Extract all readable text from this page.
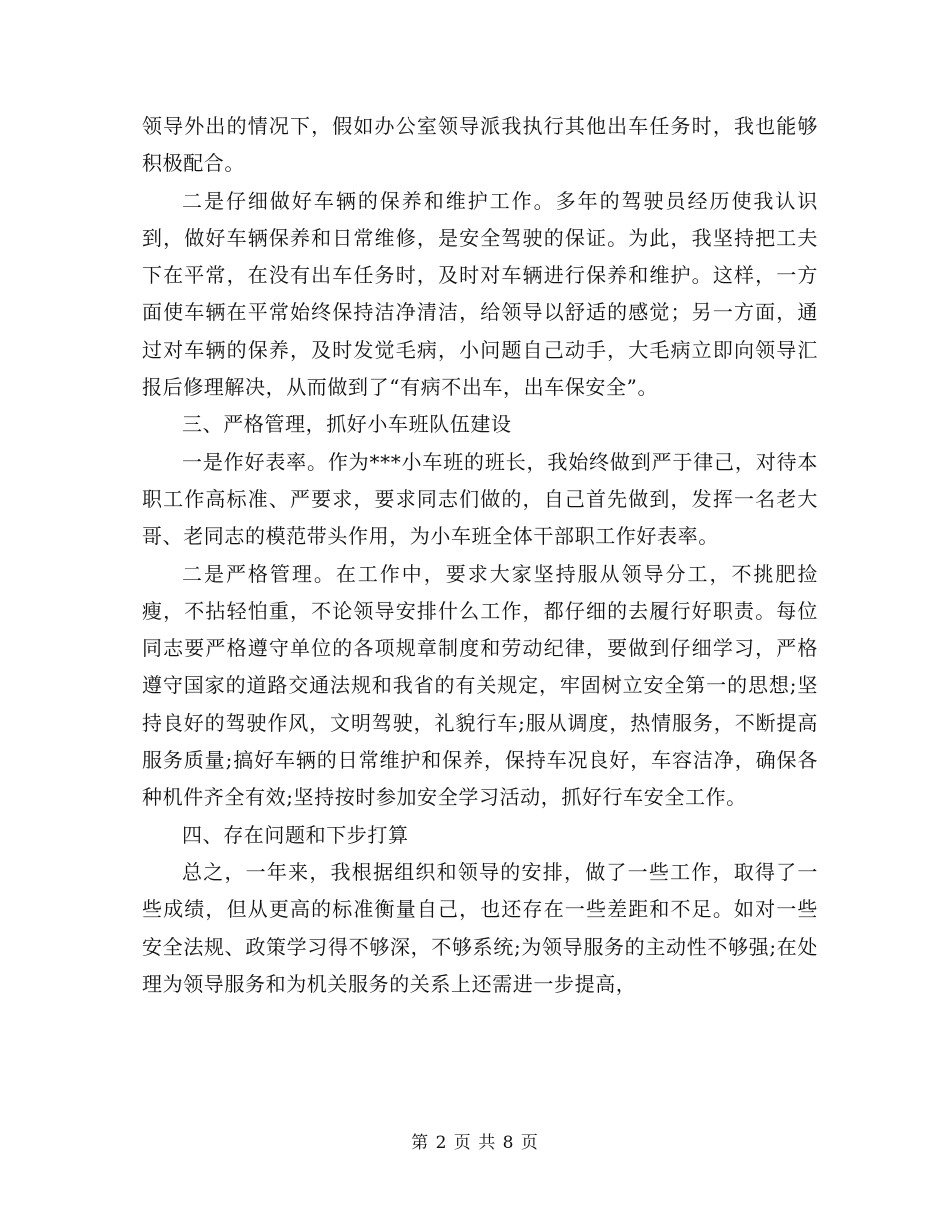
领导外出的情况下，假如办公室领导派我执行其他出车任务时，我也能够积极配合。

二是仔细做好车辆的保养和维护工作。多年的驾驶员经历使我认识到，做好车辆保养和日常维修，是安全驾驶的保证。为此，我坚持把工夫下在平常，在没有出车任务时，及时对车辆进行保养和维护。这样，一方面使车辆在平常始终保持洁净清洁，给领导以舒适的感觉；另一方面，通过对车辆的保养，及时发觉毛病，小问题自己动手，大毛病立即向领导汇报后修理解决，从而做到了“有病不出车，出车保安全”。

三、严格管理，抓好小车班队伍建设

一是作好表率。作为***小车班的班长，我始终做到严于律己，对待本职工作高标准、严要求，要求同志们做的，自己首先做到，发挥一名老大哥、老同志的模范带头作用，为小车班全体干部职工作好表率。

二是严格管理。在工作中，要求大家坚持服从领导分工，不挑肥捡瘦，不拈轻怕重，不论领导安排什么工作，都仔细的去履行好职责。每位同志要严格遵守单位的各项规章制度和劳动纪律，要做到仔细学习，严格遵守国家的道路交通法规和我省的有关规定，牢固树立安全第一的思想;坚持良好的驾驶作风，文明驾驶，礼貌行车;服从调度，热情服务，不断提高服务质量;搞好车辆的日常维护和保养，保持车况良好，车容洁净，确保各种机件齐全有效;坚持按时参加安全学习活动，抓好行车安全工作。

四、存在问题和下步打算

总之，一年来，我根据组织和领导的安排，做了一些工作，取得了一些成绩，但从更高的标准衡量自己，也还存在一些差距和不足。如对一些安全法规、政策学习得不够深，不够系统;为领导服务的主动性不够强;在处理为领导服务和为机关服务的关系上还需进一步提高，

第 2 页 共 8 页
